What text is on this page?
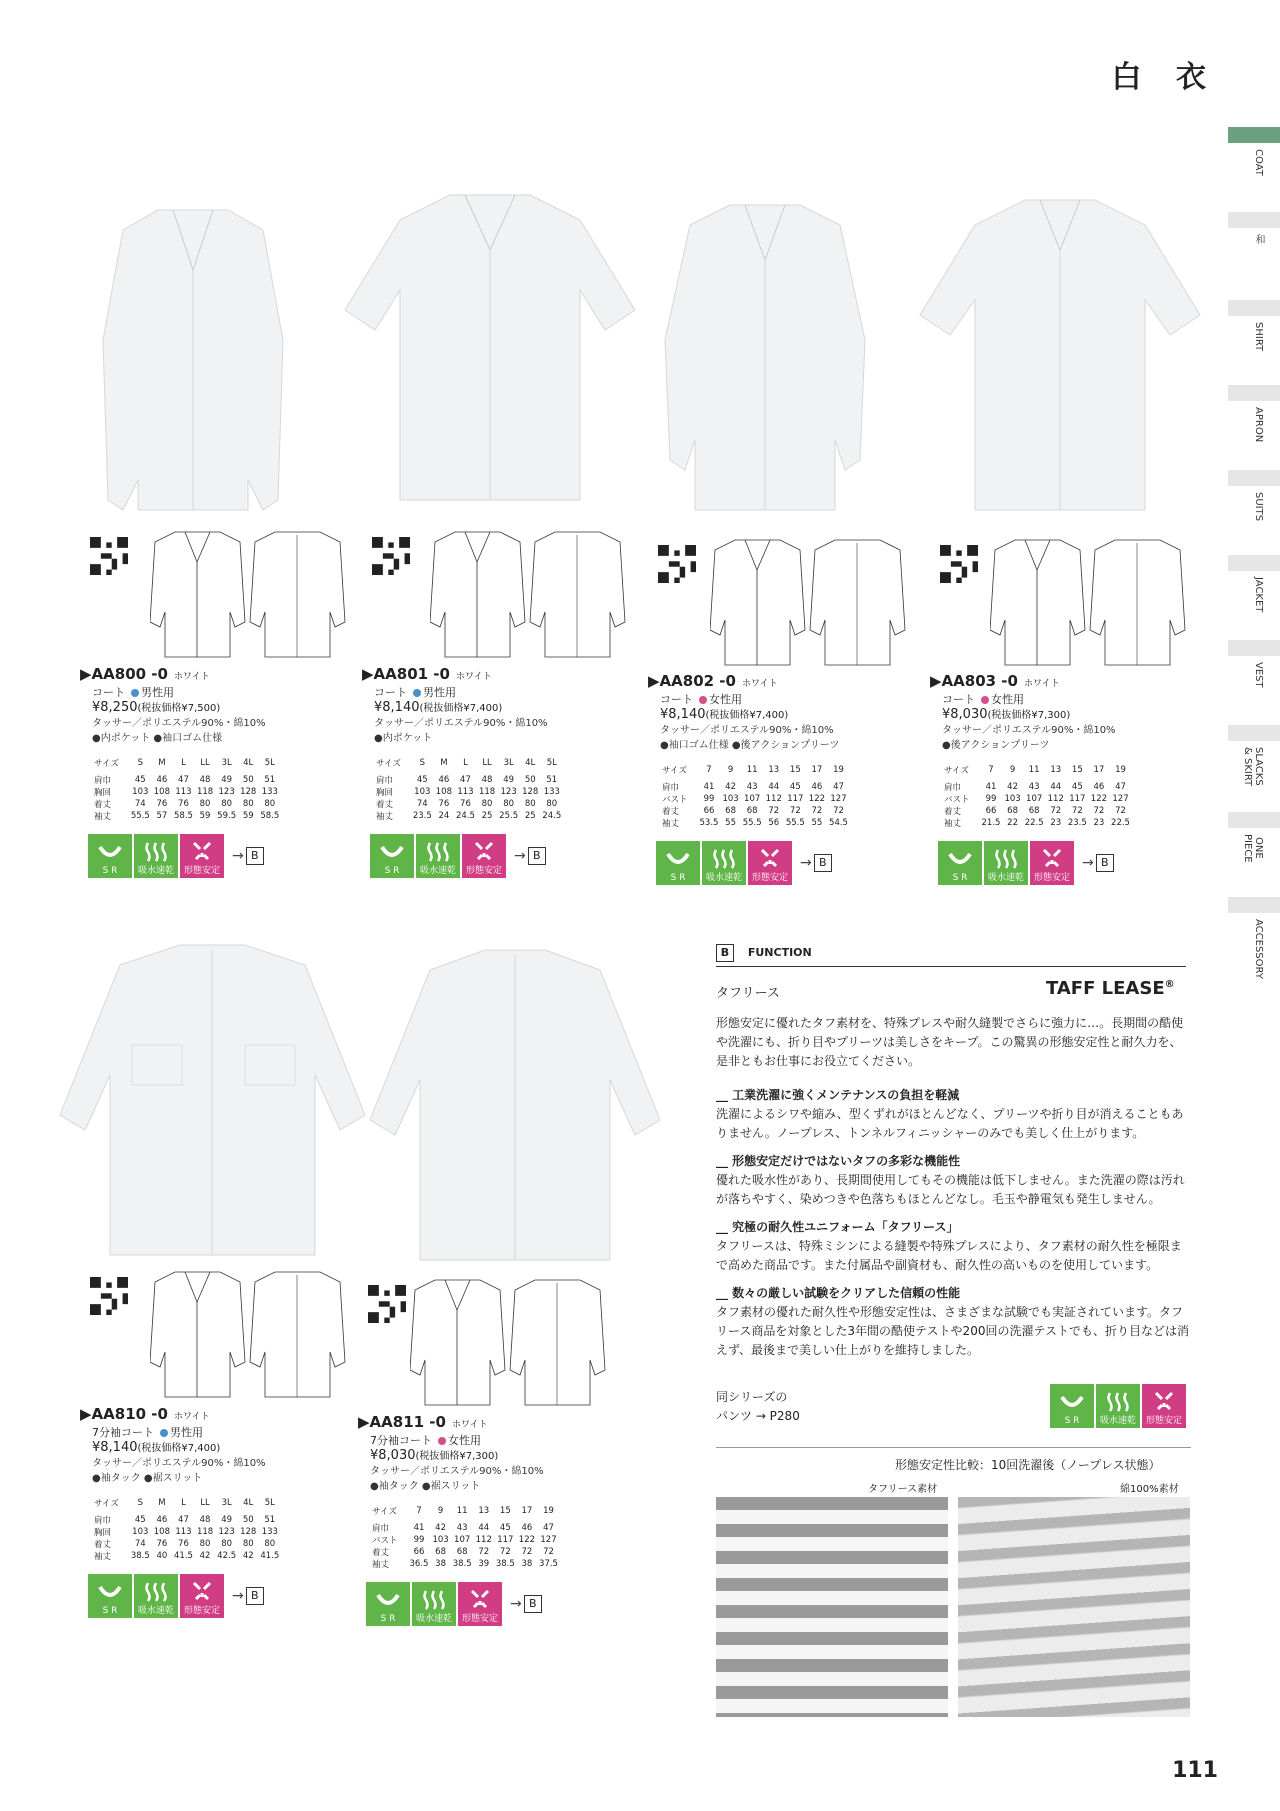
白 衣
111
COAT
和
SHIRT
APRON
SUITS
JACKET
VEST
SLACKS
& SKIRT
ONE
PIECE
ACCESSORY
▶AA800 -0 ホワイト
コート 男性用
¥8,250(税抜価格¥7,500)
タッサー／ポリエステル90%・綿10%
●内ポケット ●袖口ゴム仕様
サイズ	S	M	L	LL	3L	4L	5L
肩巾	45	46	47	48	49	50	51
胸回	103	108	113	118	123	128	133
着丈	74	76	76	80	80	80	80
袖丈	55.5	57	58.5	59	59.5	59	58.5
S R	吸水速乾	形態安定
→ B
▶AA801 -0 ホワイト
コート 男性用
¥8,140(税抜価格¥7,400)
タッサー／ポリエステル90%・綿10%
●内ポケット
サイズ	S	M	L	LL	3L	4L	5L
肩巾	45	46	47	48	49	50	51
胸回	103	108	113	118	123	128	133
着丈	74	76	76	80	80	80	80
袖丈	23.5	24	24.5	25	25.5	25	24.5
S R	吸水速乾	形態安定
→ B
▶AA802 -0 ホワイト
コート 女性用
¥8,140(税抜価格¥7,400)
タッサー／ポリエステル90%・綿10%
●袖口ゴム仕様 ●後アクションプリーツ
サイズ	7	9	11	13	15	17	19
肩巾	41	42	43	44	45	46	47
バスト	99	103	107	112	117	122	127
着丈	66	68	68	72	72	72	72
袖丈	53.5	55	55.5	56	55.5	55	54.5
S R	吸水速乾	形態安定
→ B
▶AA803 -0 ホワイト
コート 女性用
¥8,030(税抜価格¥7,300)
タッサー／ポリエステル90%・綿10%
●後アクションプリーツ
サイズ	7	9	11	13	15	17	19
肩巾	41	42	43	44	45	46	47
バスト	99	103	107	112	117	122	127
着丈	66	68	68	72	72	72	72
袖丈	21.5	22	22.5	23	23.5	23	22.5
S R	吸水速乾	形態安定
→ B
▶AA810 -0 ホワイト
7分袖コート 男性用
¥8,140(税抜価格¥7,400)
タッサー／ポリエステル90%・綿10%
●袖タック ●裾スリット
サイズ	S	M	L	LL	3L	4L	5L
肩巾	45	46	47	48	49	50	51
胸回	103	108	113	118	123	128	133
着丈	74	76	76	80	80	80	80
袖丈	38.5	40	41.5	42	42.5	42	41.5
S R	吸水速乾	形態安定
→ B
▶AA811 -0 ホワイト
7分袖コート 女性用
¥8,030(税抜価格¥7,300)
タッサー／ポリエステル90%・綿10%
●袖タック ●裾スリット
サイズ	7	9	11	13	15	17	19
肩巾	41	42	43	44	45	46	47
バスト	99	103	107	112	117	122	127
着丈	66	68	68	72	72	72	72
袖丈	36.5	38	38.5	39	38.5	38	37.5
S R	吸水速乾	形態安定
→ B
B FUNCTION
タフリース	TAFF LEASE®
形態安定に優れたタフ素材を、特殊プレスや耐久縫製でさらに強力に…。長期間の酷使や洗濯にも、折り目やプリーツは美しさをキープ。この驚異の形態安定性と耐久力を、是非ともお仕事にお役立てください。
__ 工業洗濯に強くメンテナンスの負担を軽減
洗濯によるシワや縮み、型くずれがほとんどなく、プリーツや折り目が消えることもありません。ノープレス、トンネルフィニッシャーのみでも美しく仕上がります。
__ 形態安定だけではないタフの多彩な機能性
優れた吸水性があり、長期間使用してもその機能は低下しません。また洗濯の際は汚れが落ちやすく、染めつきや色落ちもほとんどなし。毛玉や静電気も発生しません。
__ 究極の耐久性ユニフォーム「タフリース」
タフリースは、特殊ミシンによる縫製や特殊プレスにより、タフ素材の耐久性を極限まで高めた商品です。また付属品や副資材も、耐久性の高いものを使用しています。
__ 数々の厳しい試験をクリアした信頼の性能
タフ素材の優れた耐久性や形態安定性は、さまざまな試験でも実証されています。タフリース商品を対象とした3年間の酷使テストや200回の洗濯テストでも、折り目などは消えず、最後まで美しい仕上がりを維持しました。
同シリーズの
パンツ → P280	S R	吸水速乾	形態安定
形態安定性比較：10回洗濯後（ノープレス状態）
タフリース素材	綿100%素材
